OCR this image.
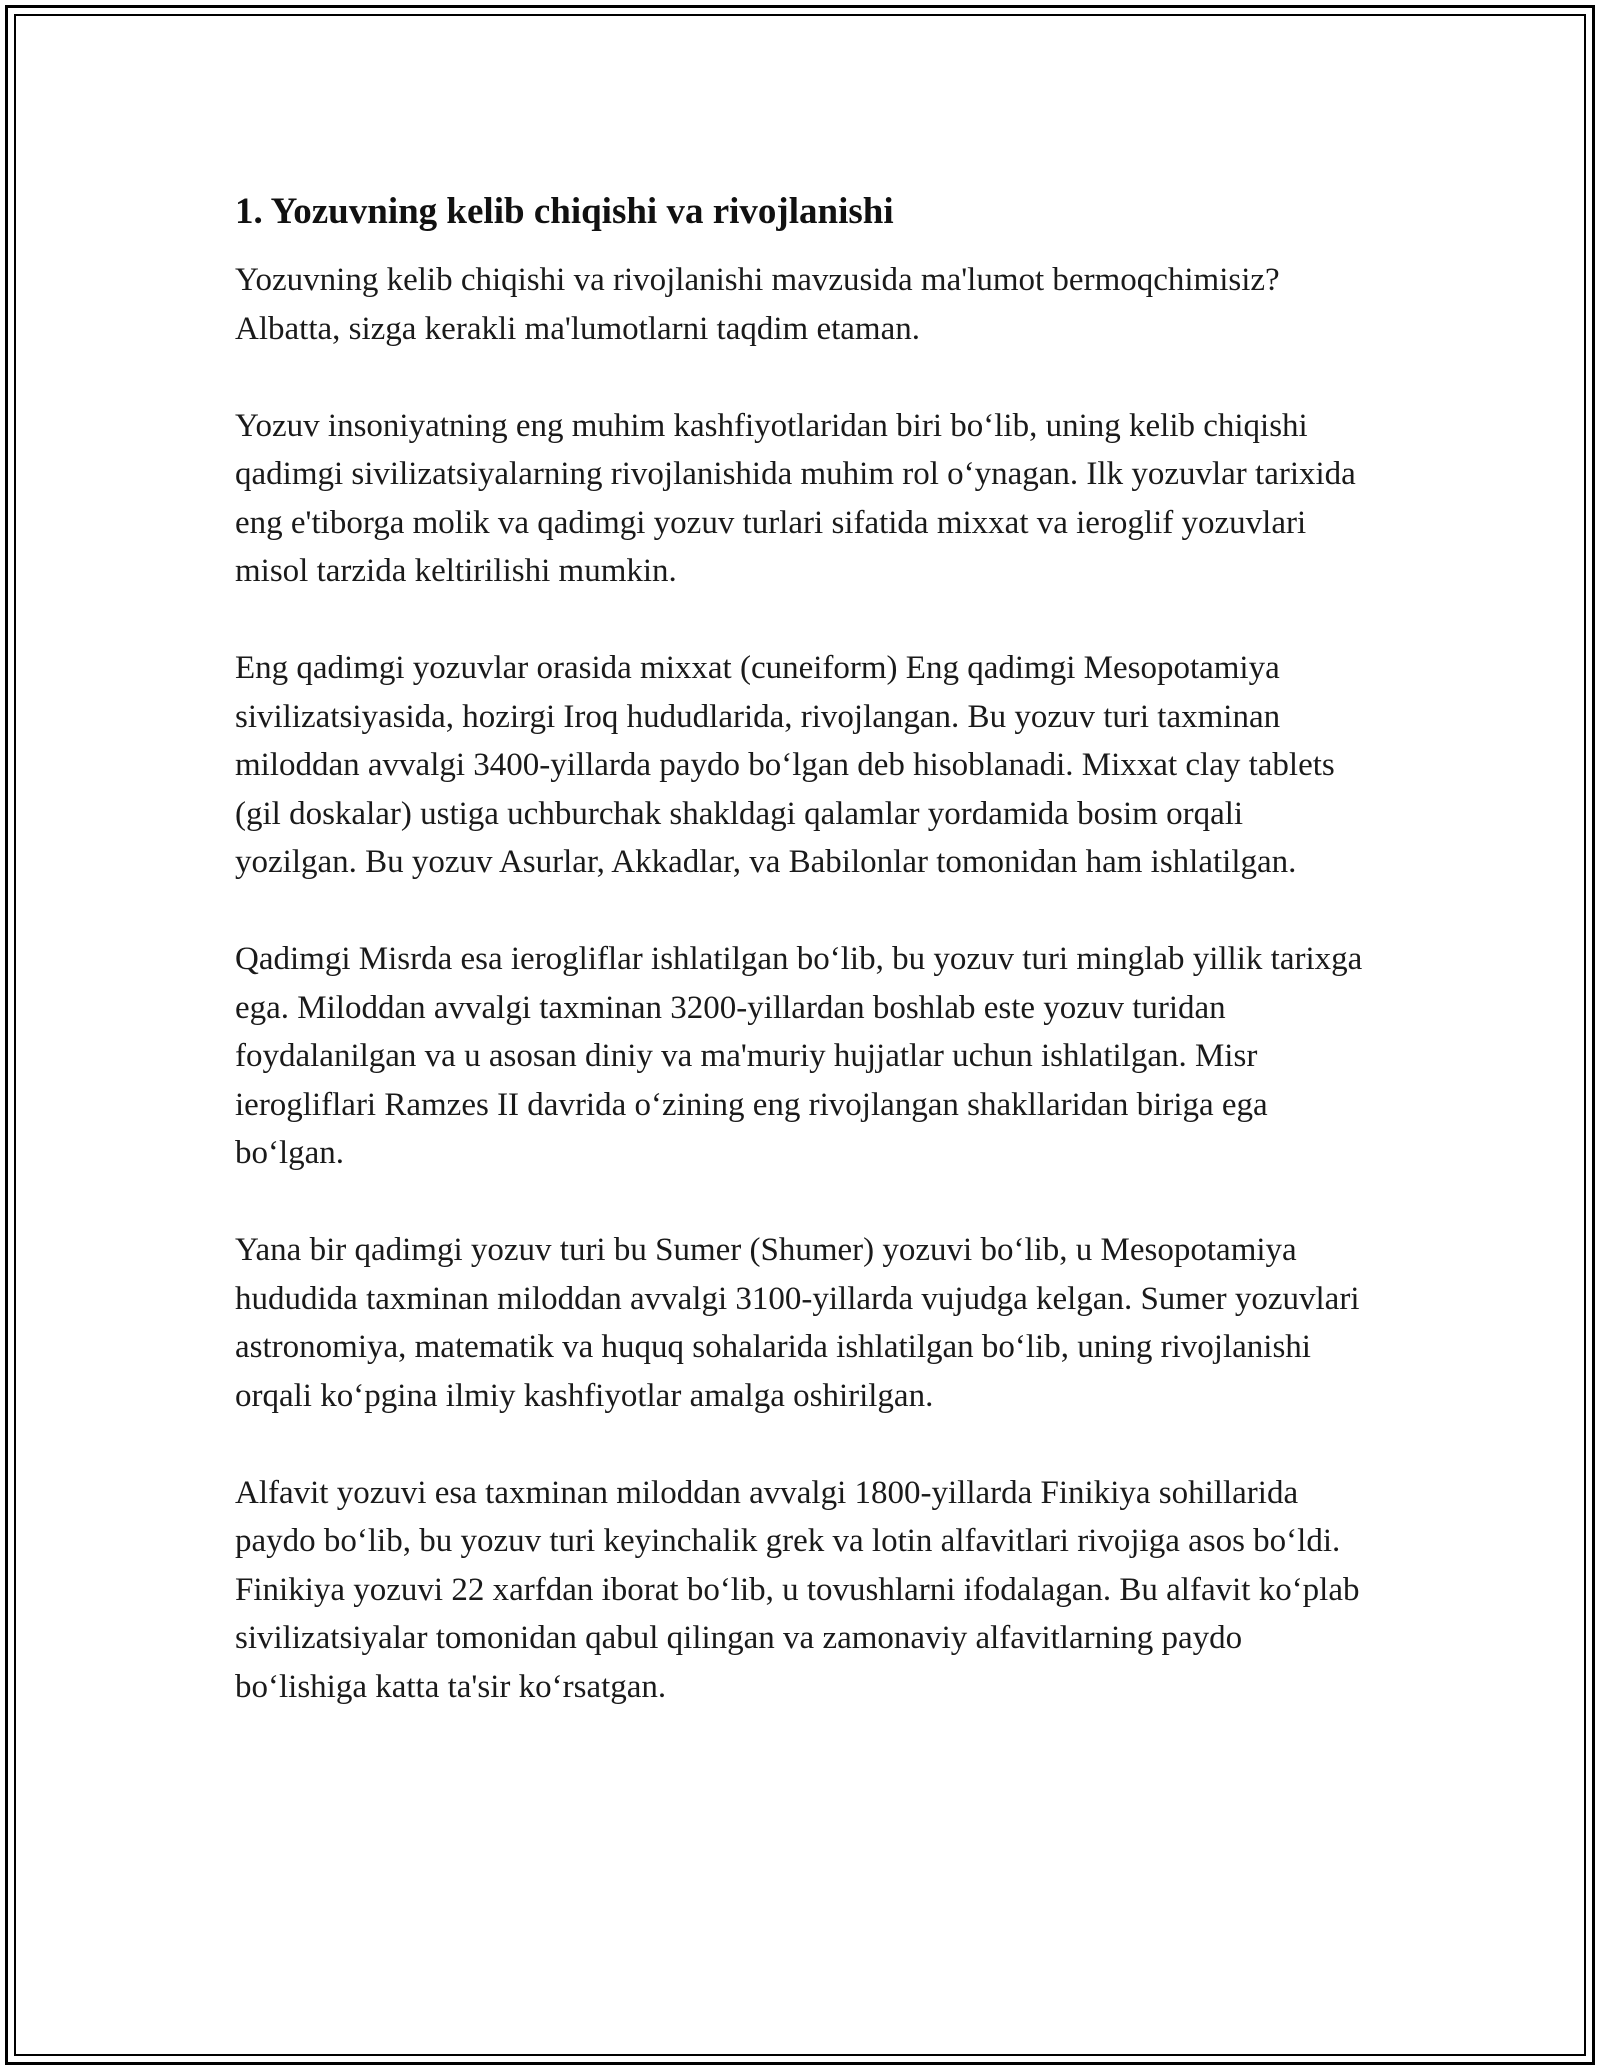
1. Yozuvning kelib chiqishi va rivojlanishi

Yozuvning kelib chiqishi va rivojlanishi mavzusida ma'lumot bermoqchimisiz? Albatta, sizga kerakli ma'lumotlarni taqdim etaman.

Yozuv insoniyatning eng muhim kashfiyotlaridan biri boʻlib, uning kelib chiqishi qadimgi sivilizatsiyalarning rivojlanishida muhim rol oʻynagan. Ilk yozuvlar tarixida eng e'tiborga molik va qadimgi yozuv turlari sifatida mixxat va ieroglif yozuvlari misol tarzida keltirilishi mumkin.

Eng qadimgi yozuvlar orasida mixxat (cuneiform) Eng qadimgi Mesopotamiya sivilizatsiyasida, hozirgi Iroq hududlarida, rivojlangan. Bu yozuv turi taxminan miloddan avvalgi 3400-yillarda paydo boʻlgan deb hisoblanadi. Mixxat clay tablets (gil doskalar) ustiga uchburchak shakldagi qalamlar yordamida bosim orqali yozilgan. Bu yozuv Asurlar, Akkadlar, va Babilonlar tomonidan ham ishlatilgan.

Qadimgi Misrda esa ierogliflar ishlatilgan boʻlib, bu yozuv turi minglab yillik tarixga ega. Miloddan avvalgi taxminan 3200-yillardan boshlab este yozuv turidan foydalanilgan va u asosan diniy va ma'muriy hujjatlar uchun ishlatilgan. Misr ierogliflari Ramzes II davrida oʻzining eng rivojlangan shakllaridan biriga ega boʻlgan.

Yana bir qadimgi yozuv turi bu Sumer (Shumer) yozuvi boʻlib, u Mesopotamiya hududida taxminan miloddan avvalgi 3100-yillarda vujudga kelgan. Sumer yozuvlari astronomiya, matematik va huquq sohalarida ishlatilgan boʻlib, uning rivojlanishi orqali koʻpgina ilmiy kashfiyotlar amalga oshirilgan.

Alfavit yozuvi esa taxminan miloddan avvalgi 1800-yillarda Finikiya sohillarida paydo boʻlib, bu yozuv turi keyinchalik grek va lotin alfavitlari rivojiga asos boʻldi. Finikiya yozuvi 22 xarfdan iborat boʻlib, u tovushlarni ifodalagan. Bu alfavit koʻplab sivilizatsiyalar tomonidan qabul qilingan va zamonaviy alfavitlarning paydo boʻlishiga katta ta'sir koʻrsatgan.
